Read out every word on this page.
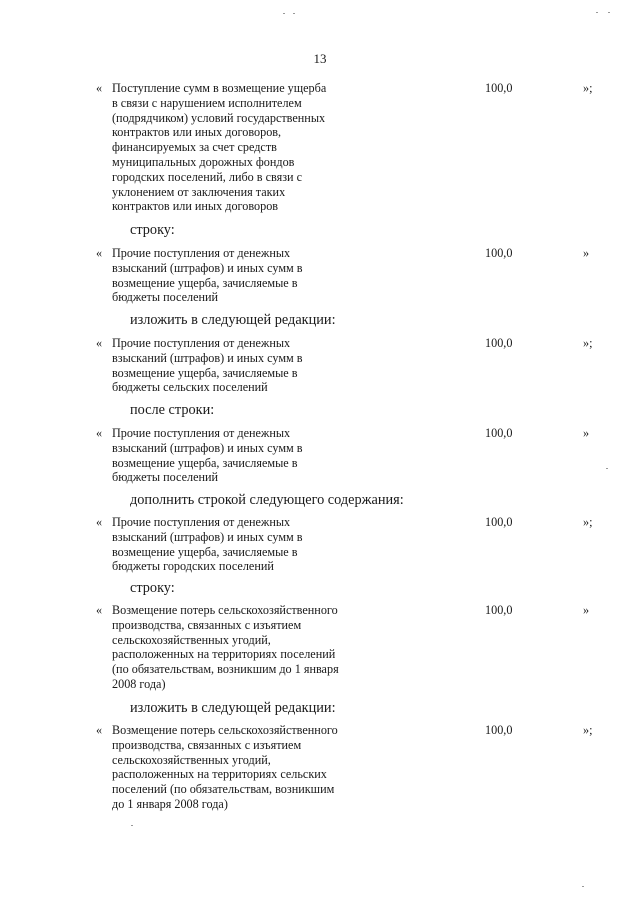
13
« Поступление сумм в возмещение ущерба
в связи с нарушением исполнителем
(подрядчиком) условий государственных
контрактов или иных договоров,
финансируемых за счет средств
муниципальных дорожных фондов
городских поселений, либо в связи с
уклонением от заключения таких
контрактов или иных договоров
100,0	»;
строку:
« Прочие поступления от денежных
взысканий (штрафов) и иных сумм в
возмещение ущерба, зачисляемые в
бюджеты поселений
100,0	»
изложить в следующей редакции:
« Прочие поступления от денежных
взысканий (штрафов) и иных сумм в
возмещение ущерба, зачисляемые в
бюджеты сельских поселений
100,0	»;
после строки:
« Прочие поступления от денежных
взысканий (штрафов) и иных сумм в
возмещение ущерба, зачисляемые в
бюджеты поселений
100,0	»
дополнить строкой следующего содержания:
« Прочие поступления от денежных
взысканий (штрафов) и иных сумм в
возмещение ущерба, зачисляемые в
бюджеты городских поселений
100,0	»;
строку:
« Возмещение потерь сельскохозяйственного
производства, связанных с изъятием
сельскохозяйственных угодий,
расположенных на территориях поселений
(по обязательствам, возникшим до 1 января
2008 года)
100,0	»
изложить в следующей редакции:
« Возмещение потерь сельскохозяйственного
производства, связанных с изъятием
сельскохозяйственных угодий,
расположенных на территориях сельских
поселений (по обязательствам, возникшим
до 1 января 2008 года)
100,0	»;
